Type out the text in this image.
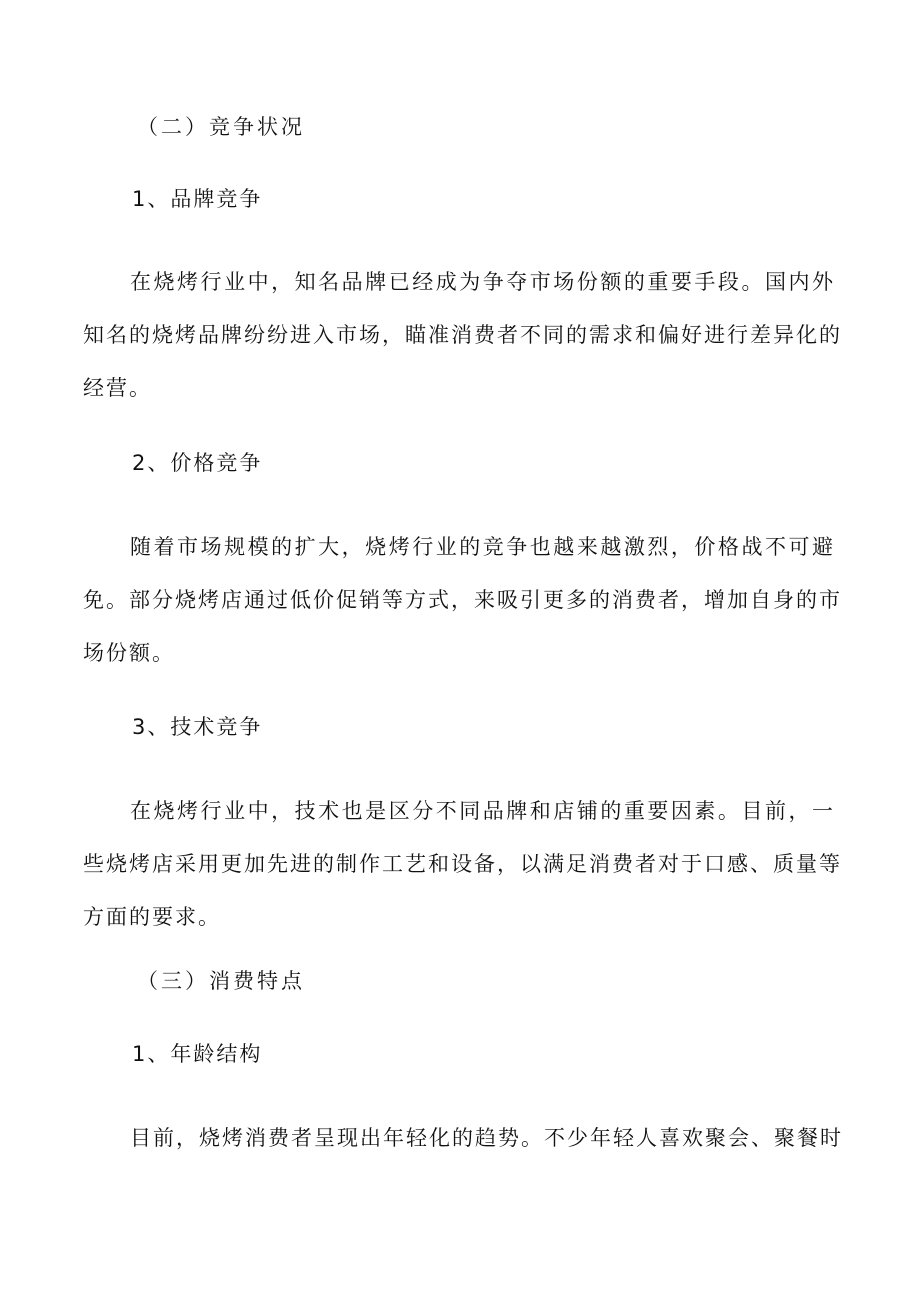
（二）竞争状况

1、品牌竞争

在烧烤行业中，知名品牌已经成为争夺市场份额的重要手段。国内外

知名的烧烤品牌纷纷进入市场，瞄准消费者不同的需求和偏好进行差异化的

经营。

2、价格竞争

随着市场规模的扩大，烧烤行业的竞争也越来越激烈，价格战不可避

免。部分烧烤店通过低价促销等方式，来吸引更多的消费者，增加自身的市

场份额。

3、技术竞争

在烧烤行业中，技术也是区分不同品牌和店铺的重要因素。目前，一

些烧烤店采用更加先进的制作工艺和设备，以满足消费者对于口感、质量等

方面的要求。

（三）消费特点

1、年龄结构

目前，烧烤消费者呈现出年轻化的趋势。不少年轻人喜欢聚会、聚餐时
